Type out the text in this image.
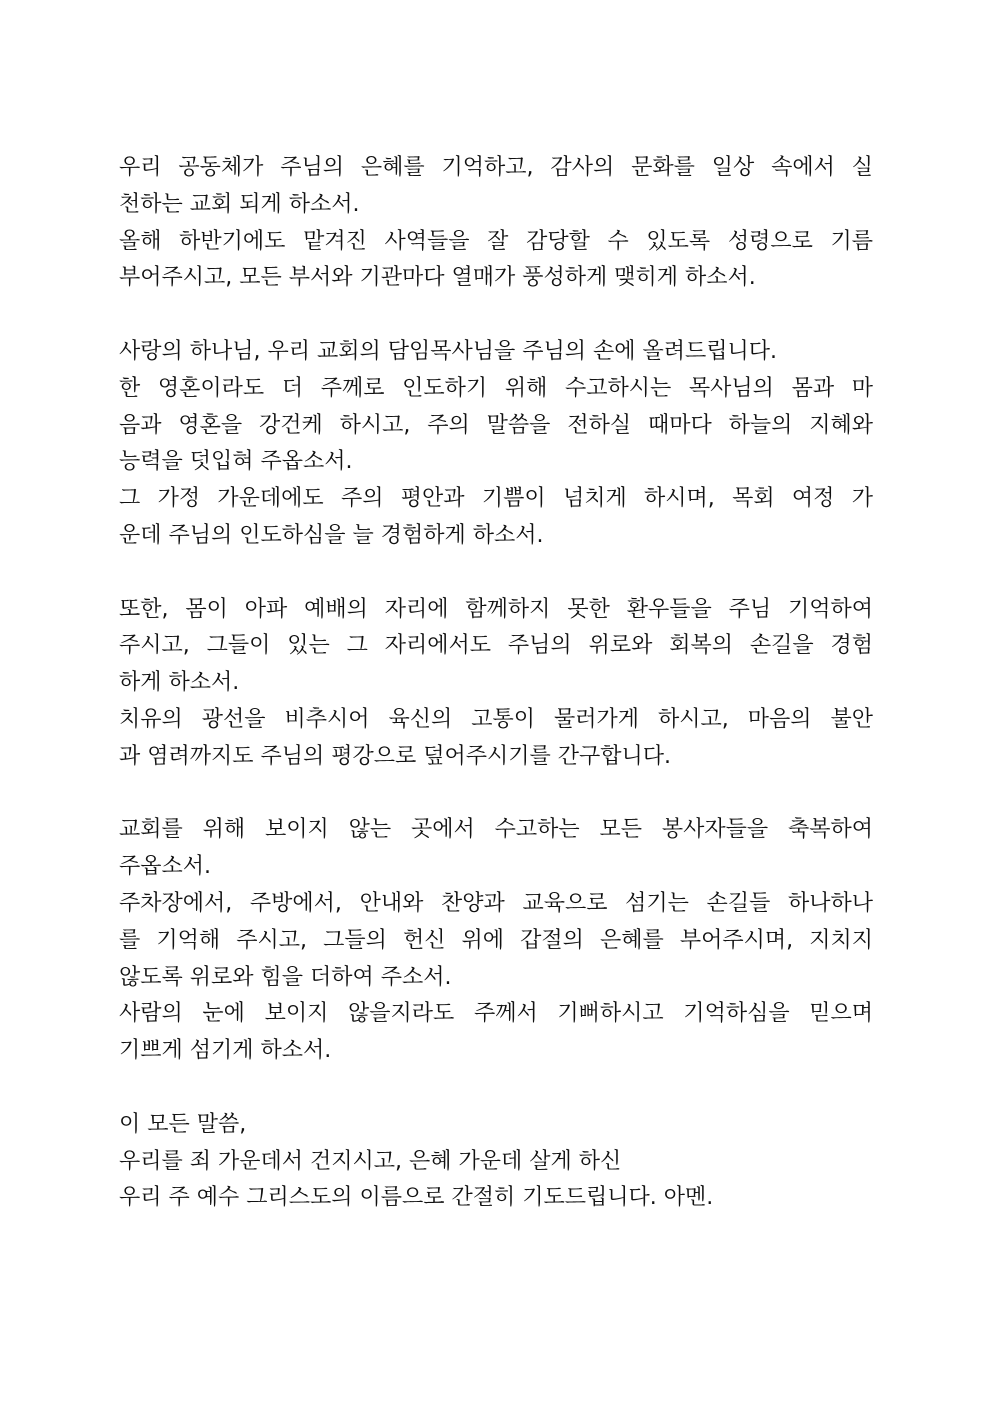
우리 공동체가 주님의 은혜를 기억하고, 감사의 문화를 일상 속에서 실
천하는 교회 되게 하소서.
올해 하반기에도 맡겨진 사역들을 잘 감당할 수 있도록 성령으로 기름
부어주시고, 모든 부서와 기관마다 열매가 풍성하게 맺히게 하소서.
사랑의 하나님, 우리 교회의 담임목사님을 주님의 손에 올려드립니다.
한 영혼이라도 더 주께로 인도하기 위해 수고하시는 목사님의 몸과 마
음과 영혼을 강건케 하시고, 주의 말씀을 전하실 때마다 하늘의 지혜와
능력을 덧입혀 주옵소서.
그 가정 가운데에도 주의 평안과 기쁨이 넘치게 하시며, 목회 여정 가
운데 주님의 인도하심을 늘 경험하게 하소서.
또한, 몸이 아파 예배의 자리에 함께하지 못한 환우들을 주님 기억하여
주시고, 그들이 있는 그 자리에서도 주님의 위로와 회복의 손길을 경험
하게 하소서.
치유의 광선을 비추시어 육신의 고통이 물러가게 하시고, 마음의 불안
과 염려까지도 주님의 평강으로 덮어주시기를 간구합니다.
교회를 위해 보이지 않는 곳에서 수고하는 모든 봉사자들을 축복하여
주옵소서.
주차장에서, 주방에서, 안내와 찬양과 교육으로 섬기는 손길들 하나하나
를 기억해 주시고, 그들의 헌신 위에 갑절의 은혜를 부어주시며, 지치지
않도록 위로와 힘을 더하여 주소서.
사람의 눈에 보이지 않을지라도 주께서 기뻐하시고 기억하심을 믿으며
기쁘게 섬기게 하소서.
이 모든 말씀,
우리를 죄 가운데서 건지시고, 은혜 가운데 살게 하신
우리 주 예수 그리스도의 이름으로 간절히 기도드립니다. 아멘.
